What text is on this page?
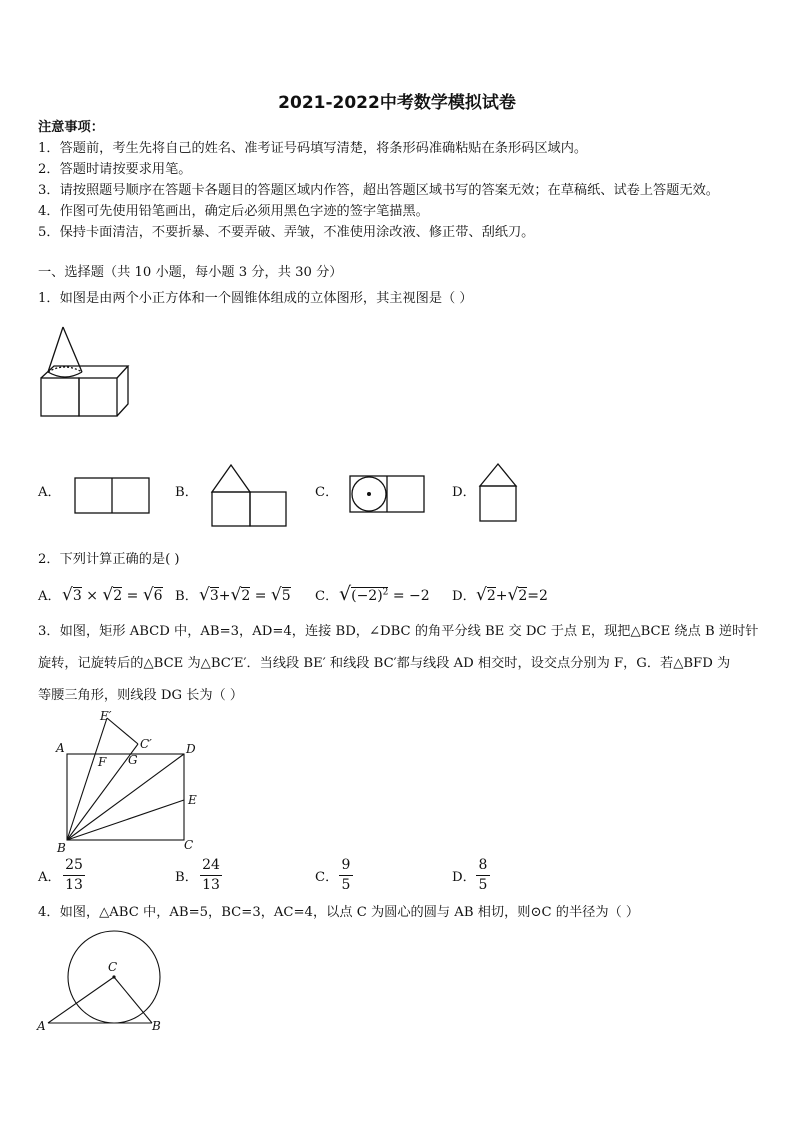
2021-2022中考数学模拟试卷
注意事项：
1．答题前，考生先将自己的姓名、准考证号码填写清楚，将条形码准确粘贴在条形码区域内。
2．答题时请按要求用笔。
3．请按照题号顺序在答题卡各题目的答题区域内作答，超出答题区域书写的答案无效；在草稿纸、试卷上答题无效。
4．作图可先使用铅笔画出，确定后必须用黑色字迹的签字笔描黑。
5．保持卡面清洁，不要折暴、不要弄破、弄皱，不准使用涂改液、修正带、刮纸刀。
一、选择题（共 10 小题，每小题 3 分，共 30 分）
1．如图是由两个小正方体和一个圆锥体组成的立体图形，其主视图是（ ）
A．	B．	C．	D．
2．下列计算正确的是( )
A． √3 × √2 = √6 B． √3+√2 = √5 C． $√(-2)^2 = -2$ D． √2+√2=2
3．如图，矩形 ABCD 中，AB=3，AD=4，连接 BD，∠DBC 的角平分线 BE 交 DC 于点 E，现把△BCE 绕点 B 逆时针
旋转，记旋转后的△BCE 为△BC′E′．当线段 BE′ 和线段 BC′都与线段 AD 相交时，设交点分别为 F，G．若△BFD 为
等腰三角形，则线段 DG 长为（ ）
A	D
B	C
E
F G
E′
C′
A．
25
13	B．
24
13	C．
9
5	D．
8
5
4．如图，△ABC 中，AB=5，BC=3，AC=4，以点 C 为圆心的圆与 AB 相切，则⊙C 的半径为（ ）
C
A	B
